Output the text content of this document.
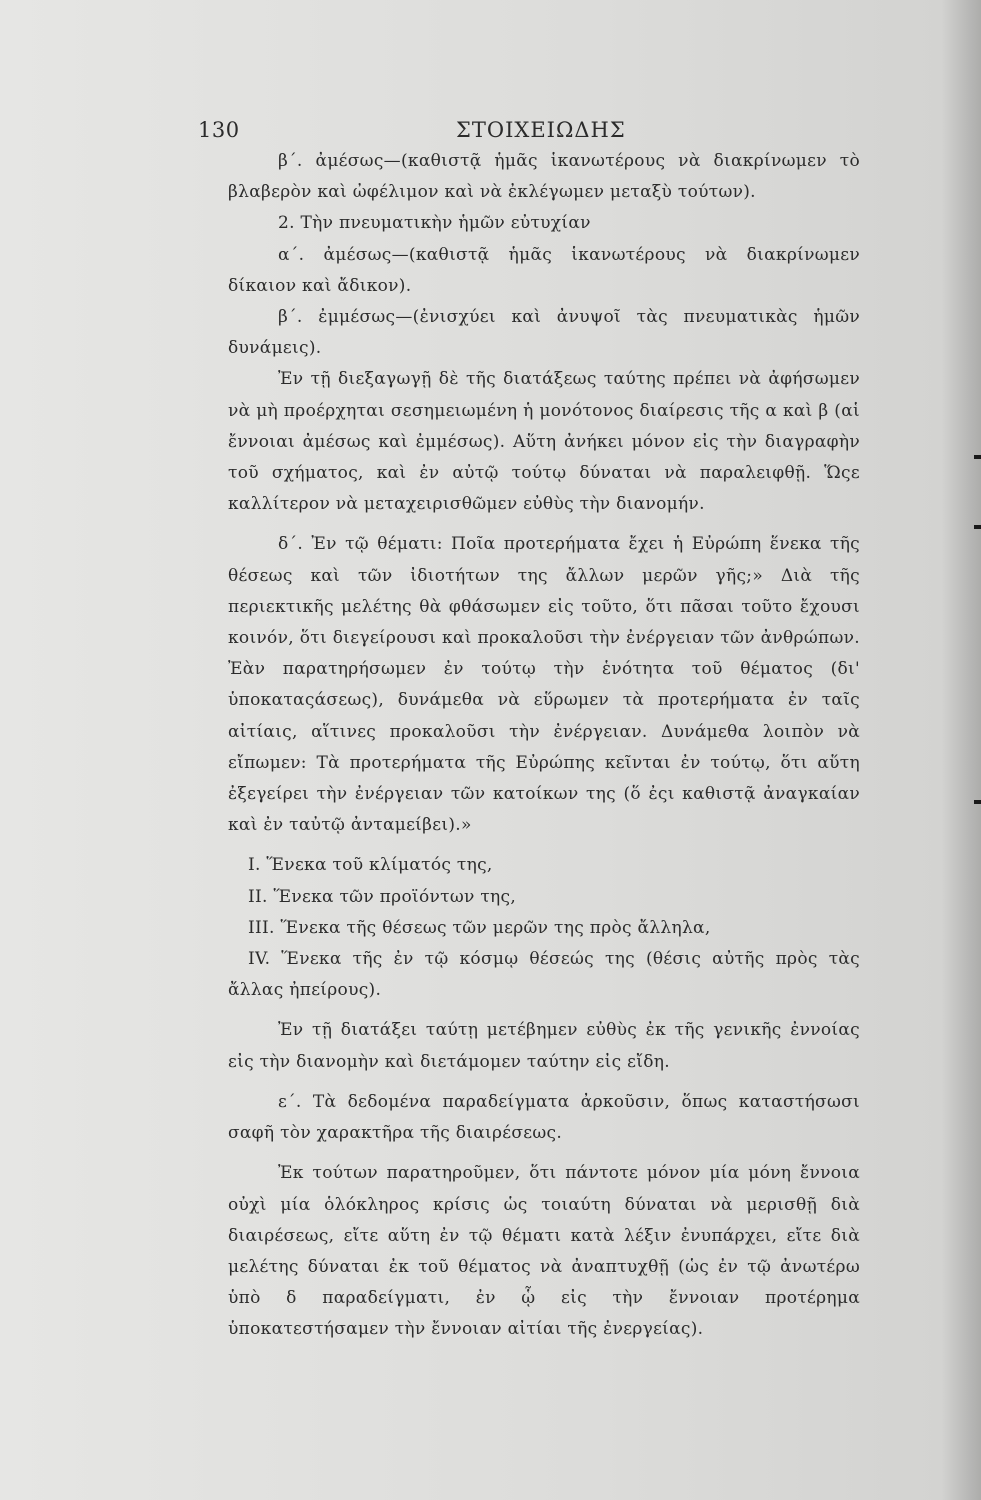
130	ΣΤΟΙΧΕΙΩΔΗΣ

β΄. ἀμέσως—(καθιστᾷ ἡμᾶς ἱκανωτέρους νὰ διακρίνωμεν τὸ βλαβερὸν καὶ ὠφέλιμον καὶ νὰ ἐκλέγωμεν μεταξὺ τούτων).

2. Τὴν πνευματικὴν ἡμῶν εὐτυχίαν

α΄. ἀμέσως—(καθιστᾷ ἡμᾶς ἱκανωτέρους νὰ διακρίνωμεν δίκαιον καὶ ἄδικον).

β΄. ἐμμέσως—(ἐνισχύει καὶ ἀνυψοῖ τὰς πνευματικὰς ἡμῶν δυνάμεις).

Ἐν τῇ διεξαγωγῇ δὲ τῆς διατάξεως ταύτης πρέπει νὰ ἀφήσωμεν νὰ μὴ προέρχηται σεσημειωμένη ἡ μονότονος διαίρεσις τῆς α καὶ β (αἱ ἔννοιαι ἀμέσως καὶ ἐμμέσως). Αὕτη ἀνήκει μόνον εἰς τὴν διαγραφὴν τοῦ σχήματος, καὶ ἐν αὐτῷ τούτῳ δύναται νὰ παραλειφθῇ. Ὥςε καλλίτερον νὰ μεταχειρισθῶμεν εὐθὺς τὴν διανομήν.

δ΄. Ἐν τῷ θέματι: Ποῖα προτερήματα ἔχει ἡ Εὐρώπη ἕνεκα τῆς θέσεως καὶ τῶν ἰδιοτήτων της ἄλλων μερῶν γῆς;» Διὰ τῆς περιεκτικῆς μελέτης θὰ φθάσωμεν εἰς τοῦτο, ὅτι πᾶσαι τοῦτο ἔχουσι κοινόν, ὅτι διεγείρουσι καὶ προκαλοῦσι τὴν ἐνέργειαν τῶν ἀνθρώπων. Ἐὰν παρατηρήσωμεν ἐν τούτῳ τὴν ἑνότητα τοῦ θέματος (δι' ὑποκαταςάσεως), δυνάμεθα νὰ εὕρωμεν τὰ προτερήματα ἐν ταῖς αἰτίαις, αἵτινες προκαλοῦσι τὴν ἐνέργειαν. Δυνάμεθα λοιπὸν νὰ εἴπωμεν: Τὰ προτερήματα τῆς Εὐρώπης κεῖνται ἐν τούτῳ, ὅτι αὕτη ἐξεγείρει τὴν ἐνέργειαν τῶν κατοίκων της (ὅ ἐςι καθιστᾷ ἀναγκαίαν καὶ ἐν ταὐτῷ ἀνταμείβει).»

I. Ἕνεκα τοῦ κλίματός της,

II. Ἕνεκα τῶν προϊόντων της,

III. Ἕνεκα τῆς θέσεως τῶν μερῶν της πρὸς ἄλληλα,

IV. Ἕνεκα τῆς ἐν τῷ κόσμῳ θέσεώς της (θέσις αὐτῆς πρὸς τὰς ἄλλας ἠπείρους).

Ἐν τῇ διατάξει ταύτῃ μετέβημεν εὐθὺς ἐκ τῆς γενικῆς ἐννοίας εἰς τὴν διανομὴν καὶ διετάμομεν ταύτην εἰς εἴδη.

ε΄. Τὰ δεδομένα παραδείγματα ἀρκοῦσιν, ὅπως καταστήσωσι σαφῆ τὸν χαρακτῆρα τῆς διαιρέσεως.

Ἐκ τούτων παρατηροῦμεν, ὅτι πάντοτε μόνον μία μόνη ἔννοια οὐχὶ μία ὁλόκληρος κρίσις ὡς τοιαύτη δύναται νὰ μερισθῇ διὰ διαιρέσεως, εἴτε αὕτη ἐν τῷ θέματι κατὰ λέξιν ἐνυπάρχει, εἴτε διὰ μελέτης δύναται ἐκ τοῦ θέματος νὰ ἀναπτυχθῇ (ὡς ἐν τῷ ἀνωτέρω ὑπὸ δ παραδείγματι, ἐν ᾧ εἰς τὴν ἔννοιαν προτέρημα ὑποκατεστήσαμεν τὴν ἔννοιαν αἰτίαι τῆς ἐνεργείας).
